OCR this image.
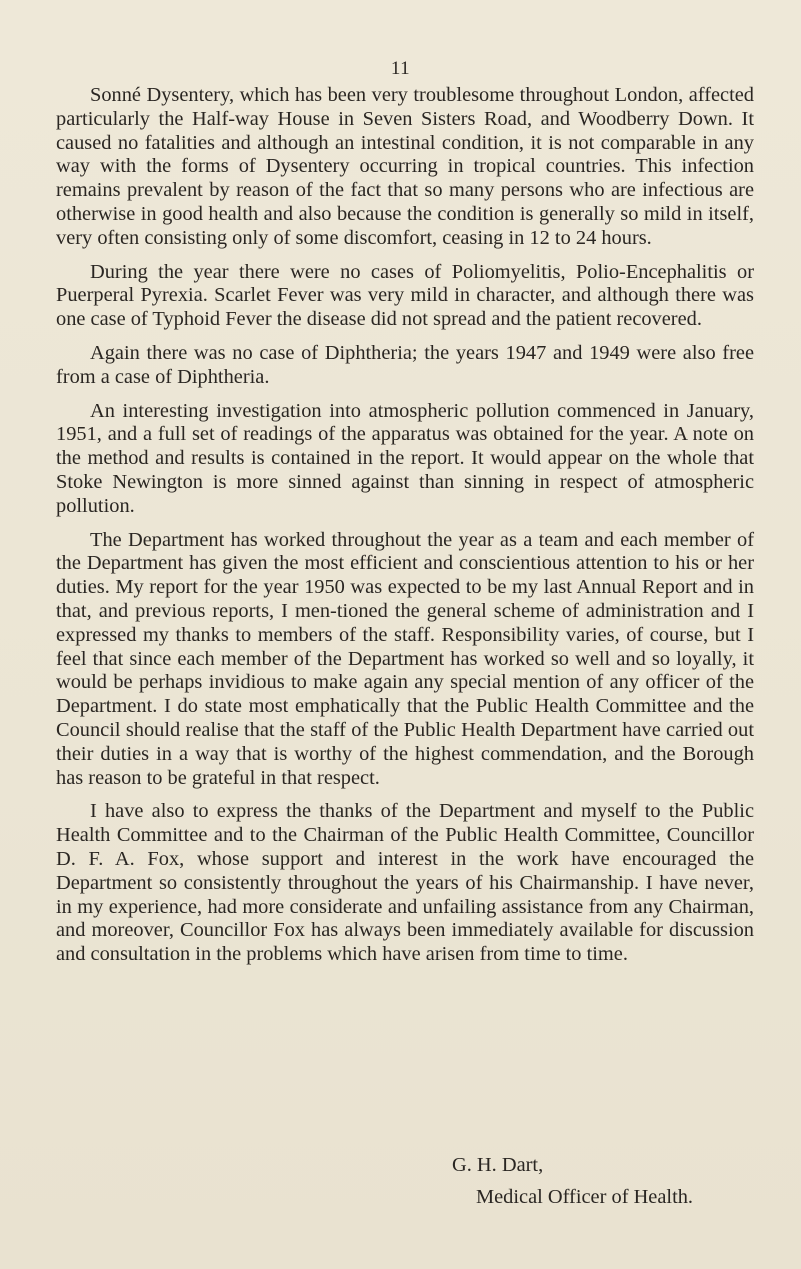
11

Sonné Dysentery, which has been very troublesome throughout London, affected particularly the Half-way House in Seven Sisters Road, and Woodberry Down. It caused no fatalities and although an intestinal condition, it is not comparable in any way with the forms of Dysentery occurring in tropical countries. This infection remains prevalent by reason of the fact that so many persons who are infectious are otherwise in good health and also because the condition is generally so mild in itself, very often consisting only of some discomfort, ceasing in 12 to 24 hours.

During the year there were no cases of Poliomyelitis, Polio-Encephalitis or Puerperal Pyrexia. Scarlet Fever was very mild in character, and although there was one case of Typhoid Fever the disease did not spread and the patient recovered.

Again there was no case of Diphtheria; the years 1947 and 1949 were also free from a case of Diphtheria.

An interesting investigation into atmospheric pollution commenced in January, 1951, and a full set of readings of the apparatus was obtained for the year. A note on the method and results is contained in the report. It would appear on the whole that Stoke Newington is more sinned against than sinning in respect of atmospheric pollution.

The Department has worked throughout the year as a team and each member of the Department has given the most efficient and conscientious attention to his or her duties. My report for the year 1950 was expected to be my last Annual Report and in that, and previous reports, I men-tioned the general scheme of administration and I expressed my thanks to members of the staff. Responsibility varies, of course, but I feel that since each member of the Department has worked so well and so loyally, it would be perhaps invidious to make again any special mention of any officer of the Department. I do state most emphatically that the Public Health Committee and the Council should realise that the staff of the Public Health Department have carried out their duties in a way that is worthy of the highest commendation, and the Borough has reason to be grateful in that respect.

I have also to express the thanks of the Department and myself to the Public Health Committee and to the Chairman of the Public Health Committee, Councillor D. F. A. Fox, whose support and interest in the work have encouraged the Department so consistently throughout the years of his Chairmanship. I have never, in my experience, had more considerate and unfailing assistance from any Chairman, and moreover, Councillor Fox has always been immediately available for discussion and consultation in the problems which have arisen from time to time.

G. H. Dart,
Medical Officer of Health.
